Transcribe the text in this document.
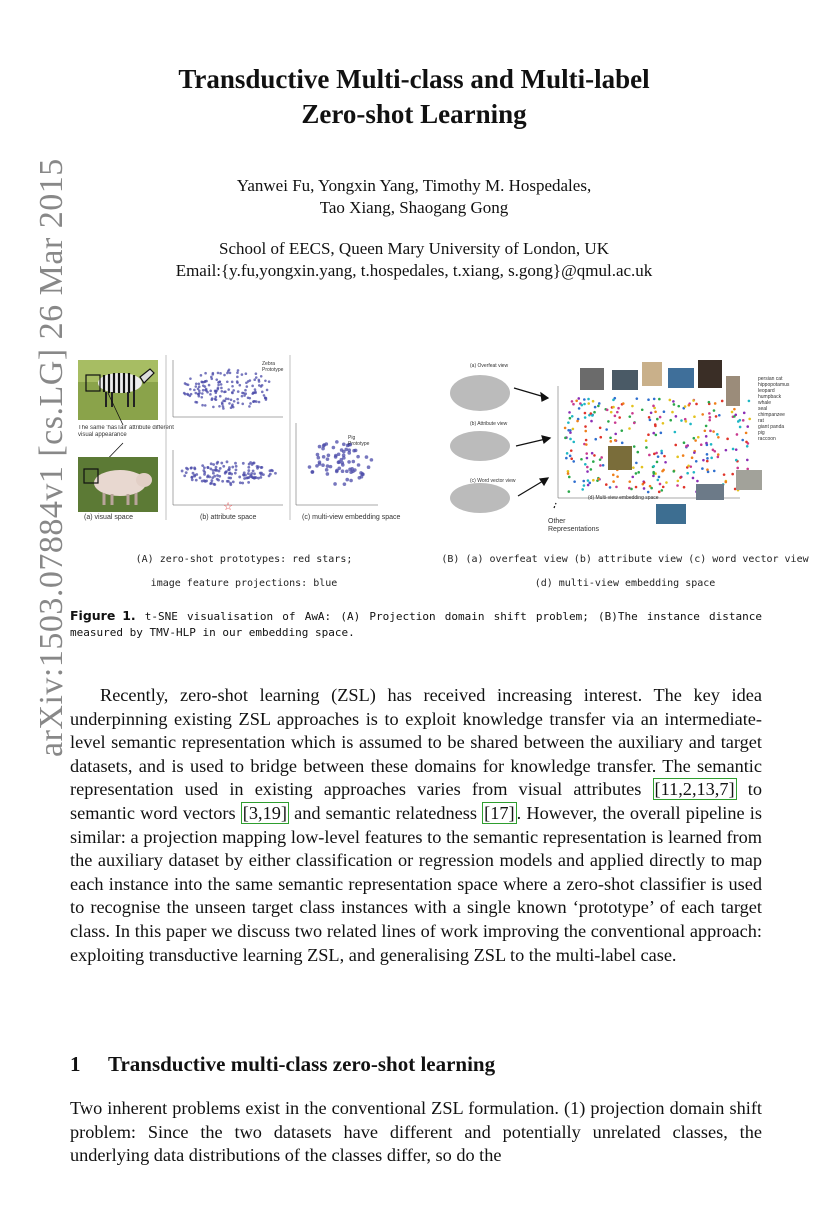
arXiv:1503.07884v1 [cs.LG] 26 Mar 2015
Transductive Multi-class and Multi-label
Zero-shot Learning
Yanwei Fu, Yongxin Yang, Timothy M. Hospedales,
Tao Xiang, Shaogang Gong
School of EECS, Queen Mary University of London, UK
Email:{y.fu,yongxin.yang, t.hospedales, t.xiang, s.gong}@qmul.ac.uk
The same 'hasTail' attribute different visual appearance
☆
Zebra
Prototype
Pig
Prototype
(a) visual space	(b) attribute space	(c) multi-view embedding space
(a) Overfeat view
(b) Attribute view
(c) Word vector view
(d) Multi-view embedding space
Other
Representations
persian cat
hippopotamus
leopard
humpback whale
seal
chimpanzee
rat
giant panda
pig
raccoon
(A) zero-shot prototypes: red stars;
image feature projections: blue
(B) (a) overfeat view (b) attribute view (c) word vector view
(d) multi-view embedding space
Figure 1. t-SNE visualisation of AwA: (A) Projection domain shift problem; (B)The instance distance measured by TMV-HLP in our embedding space.
Recently, zero-shot learning (ZSL) has received increasing interest. The key idea underpinning existing ZSL approaches is to exploit knowledge transfer via an intermediate-level semantic representation which is assumed to be shared between the auxiliary and target datasets, and is used to bridge between these domains for knowledge transfer. The semantic representation used in existing approaches varies from visual attributes [11,2,13,7] to semantic word vectors [3,19] and semantic relatedness [17] . However, the overall pipeline is similar: a projection mapping low-level features to the semantic representation is learned from the auxiliary dataset by either classification or regression models and applied directly to map each instance into the same semantic representation space where a zero-shot classifier is used to recognise the unseen target class instances with a single known ‘prototype’ of each target class. In this paper we discuss two related lines of work improving the conventional approach: exploiting transductive learning ZSL, and generalising ZSL to the multi-label case.
1 Transductive multi-class zero-shot learning
Two inherent problems exist in the conventional ZSL formulation. (1) projection domain shift problem: Since the two datasets have different and potentially unrelated classes, the underlying data distributions of the classes differ, so do the
